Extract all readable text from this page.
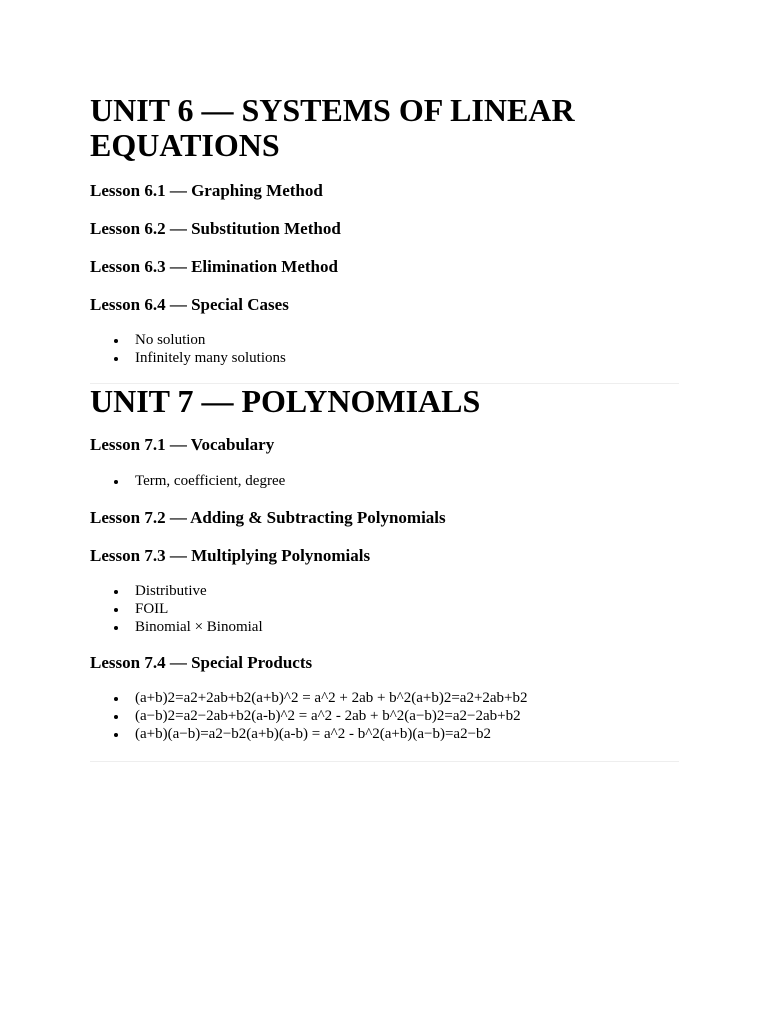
UNIT 6 — SYSTEMS OF LINEAR EQUATIONS
Lesson 6.1 — Graphing Method
Lesson 6.2 — Substitution Method
Lesson 6.3 — Elimination Method
Lesson 6.4 — Special Cases
No solution
Infinitely many solutions
UNIT 7 — POLYNOMIALS
Lesson 7.1 — Vocabulary
Term, coefficient, degree
Lesson 7.2 — Adding & Subtracting Polynomials
Lesson 7.3 — Multiplying Polynomials
Distributive
FOIL
Binomial × Binomial
Lesson 7.4 — Special Products
(a+b)2=a2+2ab+b2(a+b)^2 = a^2 + 2ab + b^2(a+b)2=a2+2ab+b2
(a−b)2=a2−2ab+b2(a-b)^2 = a^2 - 2ab + b^2(a−b)2=a2−2ab+b2
(a+b)(a−b)=a2−b2(a+b)(a-b) = a^2 - b^2(a+b)(a−b)=a2−b2
